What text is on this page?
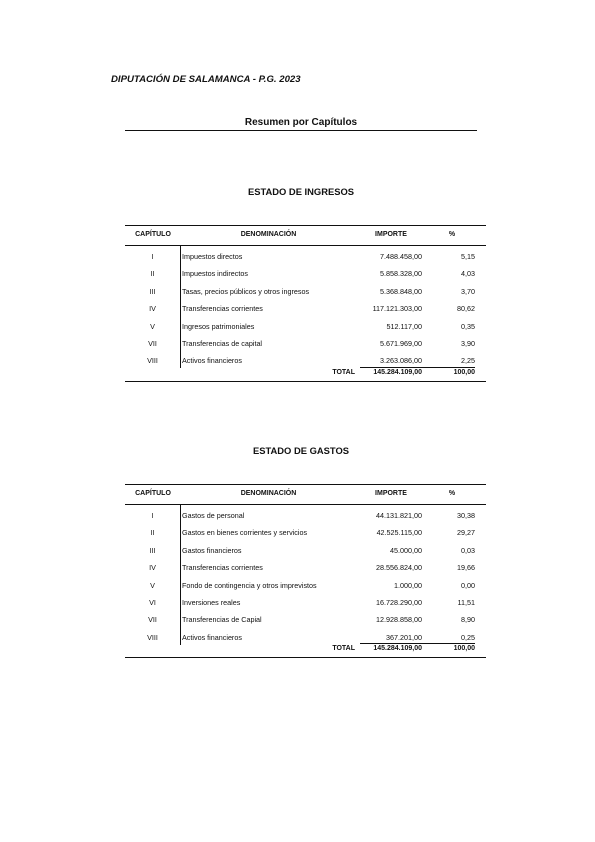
DIPUTACIÓN DE SALAMANCA - P.G. 2023
Resumen por Capítulos
ESTADO DE INGRESOS
CAPÍTULO	DENOMINACIÓN	IMPORTE	%
I	Impuestos directos	7.488.458,00	5,15
II	Impuestos indirectos	5.858.328,00	4,03
III	Tasas, precios públicos y otros ingresos	5.368.848,00	3,70
IV	Transferencias corrientes	117.121.303,00	80,62
V	Ingresos patrimoniales	512.117,00	0,35
VII	Transferencias de capital	5.671.969,00	3,90
VIII	Activos financieros	3.263.086,00	2,25
TOTAL	145.284.109,00	100,00
ESTADO DE GASTOS
CAPÍTULO	DENOMINACIÓN	IMPORTE	%
I	Gastos de personal	44.131.821,00	30,38
II	Gastos en bienes corrientes y servicios	42.525.115,00	29,27
III	Gastos financieros	45.000,00	0,03
IV	Transferencias corrientes	28.556.824,00	19,66
V	Fondo de contingencia y otros imprevistos	1.000,00	0,00
VI	Inversiones reales	16.728.290,00	11,51
VII	Transferencias de Capial	12.928.858,00	8,90
VIII	Activos financieros	367.201,00	0,25
TOTAL	145.284.109,00	100,00
